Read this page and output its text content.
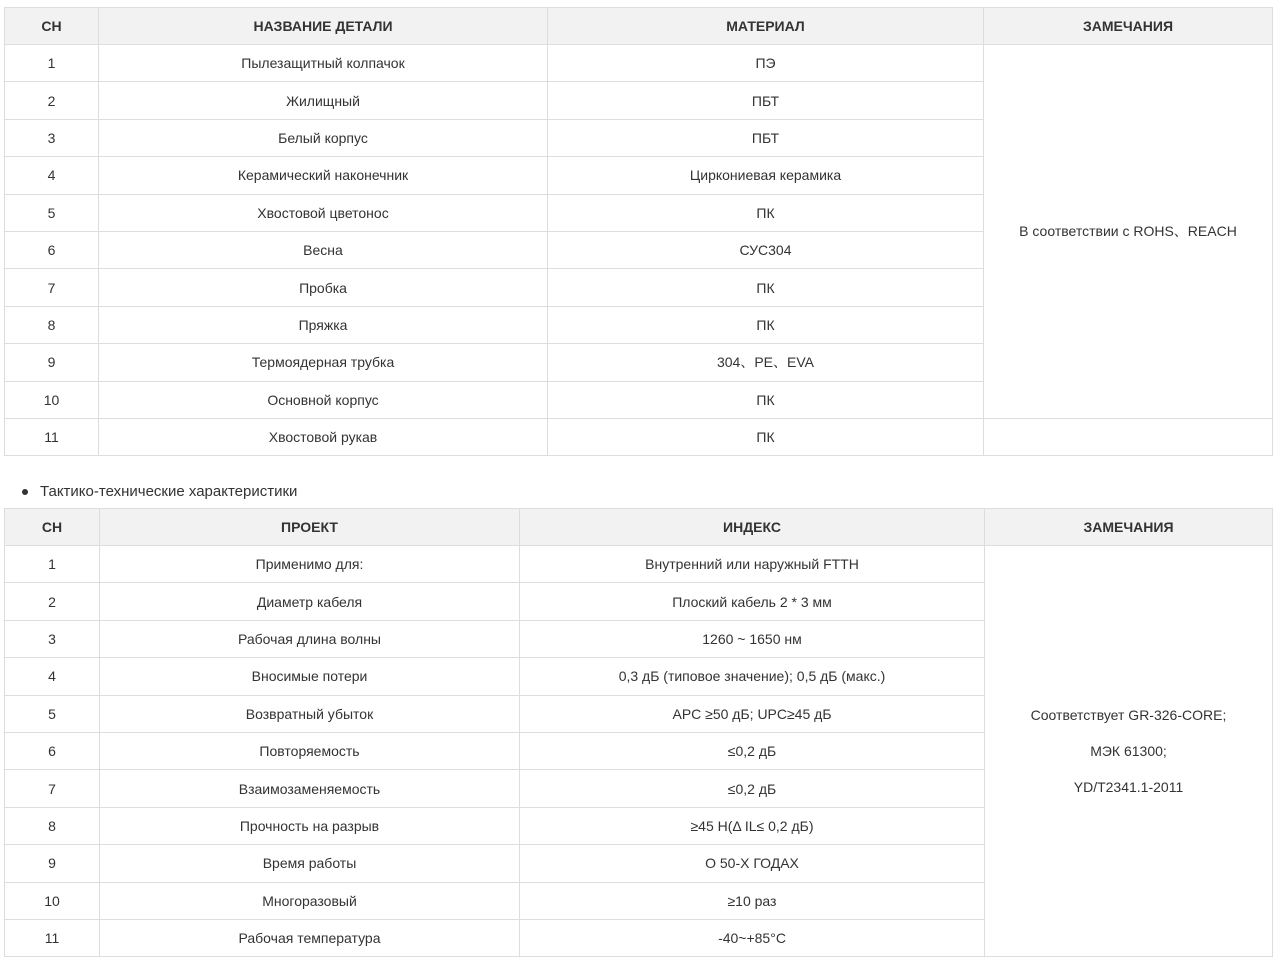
СН	НАЗВАНИЕ ДЕТАЛИ	МАТЕРИАЛ	ЗАМЕЧАНИЯ
1	Пылезащитный колпачок	ПЭ	В соответствии с ROHS、REACH
2	Жилищный	ПБТ	
3	Белый корпус	ПБТ	
4	Керамический наконечник	Циркониевая керамика	
5	Хвостовой цветонос	ПК	
6	Весна	СУС304	
7	Пробка	ПК	
8	Пряжка	ПК	
9	Термоядерная трубка	304、PE、EVA	
10	Основной корпус	ПК	
11	Хвостовой рукав	ПК	
Тактико-технические характеристики
СН	ПРОЕКТ	ИНДЕКС	ЗАМЕЧАНИЯ
1	Применимо для:	Внутренний или наружный FTTH	Соответствует GR-326-CORE;
МЭК 61300;
YD/T2341.1-2011

2	Диаметр кабеля	Плоский кабель 2 * 3 мм	
3	Рабочая длина волны	1260 ~ 1650 нм	
4	Вносимые потери	0,3 дБ (типовое значение); 0,5 дБ (макс.)	
5	Возвратный убыток	APC ≥50 дБ; UPC≥45 дБ	
6	Повторяемость	≤0,2 дБ	
7	Взаимозаменяемость	≤0,2 дБ	
8	Прочность на разрыв	≥45 Н(Δ IL≤ 0,2 дБ)	
9	Время работы	О 50-Х ГОДАХ	
10	Многоразовый	≥10 раз	
11	Рабочая температура	-40~+85°C	
